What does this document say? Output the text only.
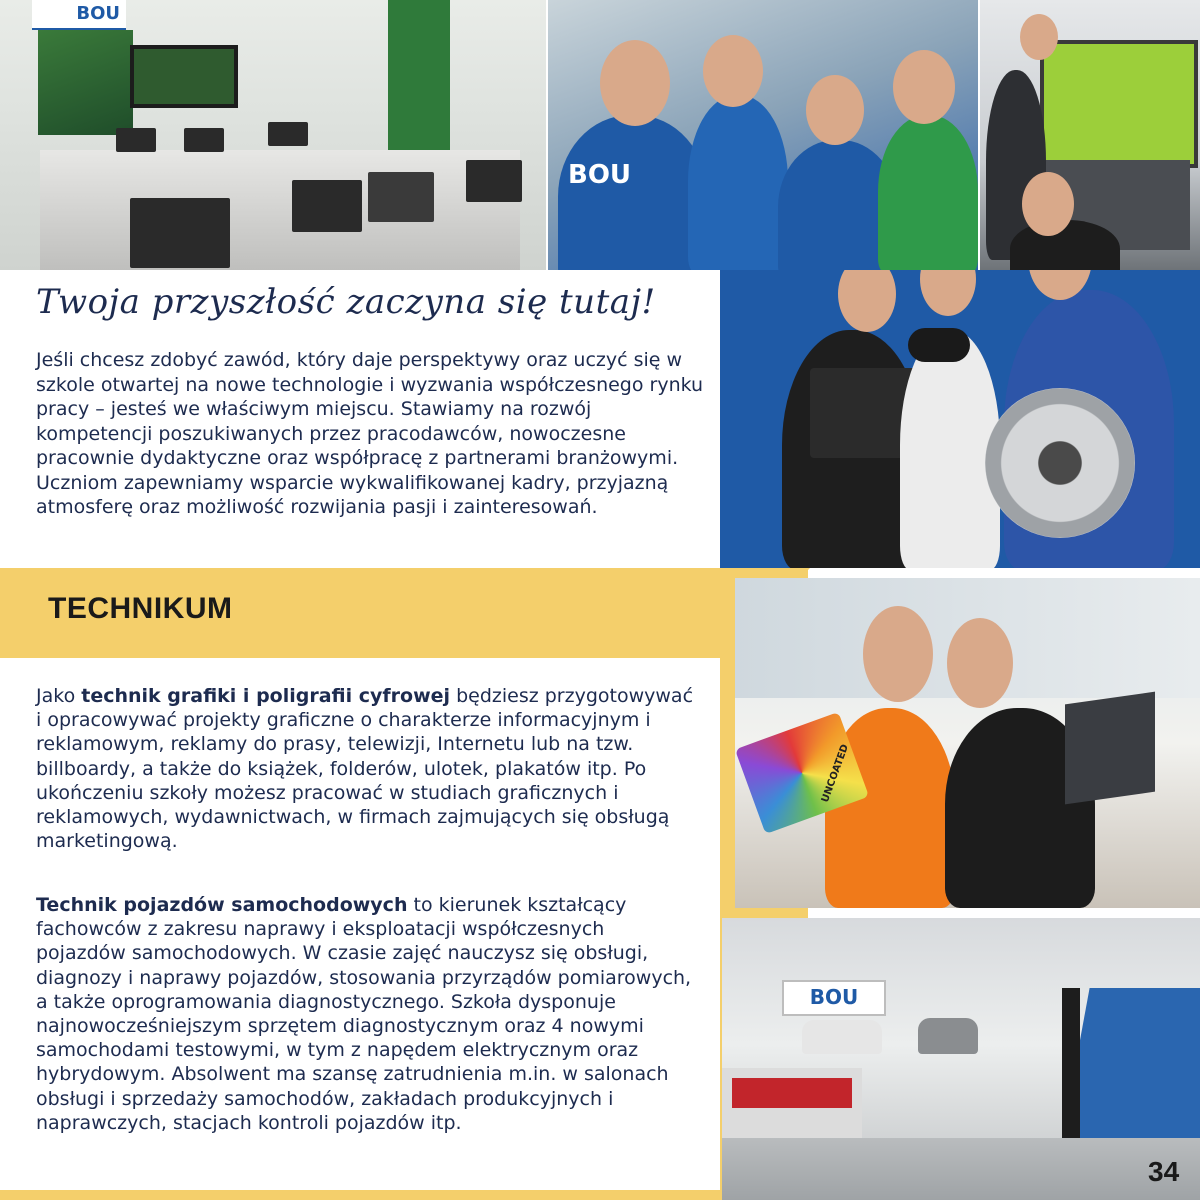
BOU
BOU
Twoja przyszłość zaczyna się tutaj!
Jeśli chcesz zdobyć zawód, który daje perspektywy oraz uczyć się w szkole otwartej na nowe technologie i wyzwania współczesnego rynku pracy – jesteś we właściwym miejscu. Stawiamy na rozwój kompetencji poszukiwanych przez pracodawców, nowoczesne pracownie dydaktyczne oraz współpracę z partnerami branżowymi. Uczniom zapewniamy wsparcie wykwalifikowanej kadry, przyjazną atmosferę oraz możliwość rozwijania pasji i zainteresowań.
TECHNIKUM
UNCOATED
BOU
Jako technik grafiki i poligrafii cyfrowej będziesz przygotowywać i opracowywać projekty graficzne o charakterze informacyjnym i reklamowym, reklamy do prasy, telewizji, Internetu lub na tzw. billboardy, a także do książek, folderów, ulotek, plakatów itp. Po ukończeniu szkoły możesz pracować w studiach graficznych i reklamowych, wydawnictwach, w firmach zajmujących się obsługą marketingową.
Technik pojazdów samochodowych to kierunek kształcący fachowców z zakresu naprawy i eksploatacji współczesnych pojazdów samochodowych. W czasie zajęć nauczysz się obsługi, diagnozy i naprawy pojazdów, stosowania przyrządów pomiarowych, a także oprogramowania diagnostycznego. Szkoła dysponuje najnowocześniejszym sprzętem diagnostycznym oraz 4 nowymi samochodami testowymi, w tym z napędem elektrycznym oraz hybrydowym. Absolwent ma szansę zatrudnienia m.in. w salonach obsługi i sprzedaży samochodów, zakładach produkcyjnych i naprawczych, stacjach kontroli pojazdów itp.
34
